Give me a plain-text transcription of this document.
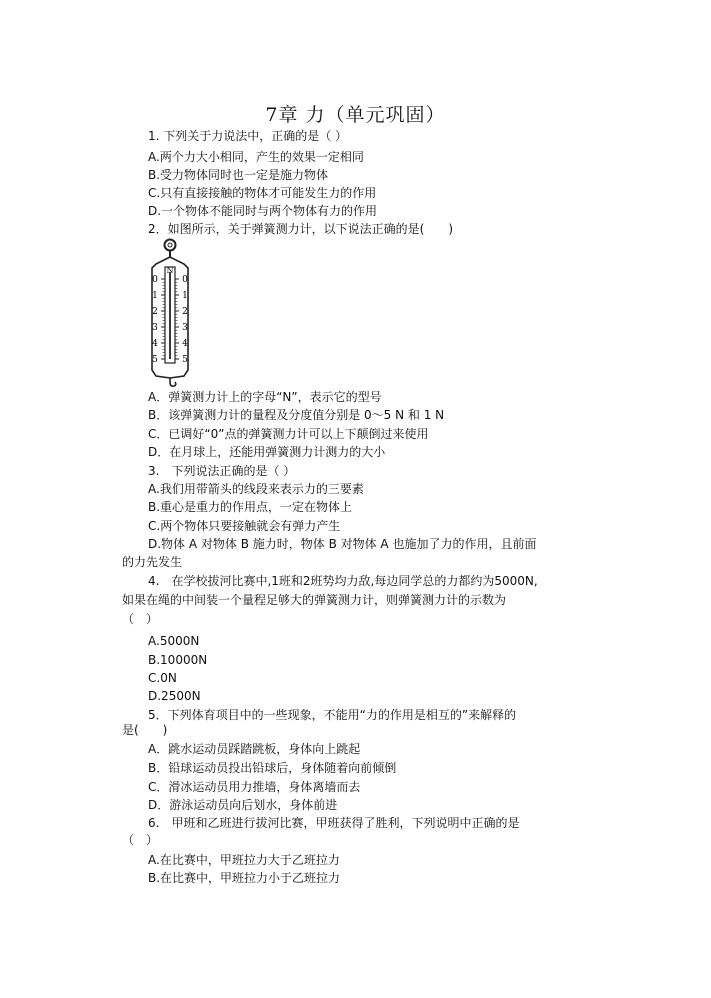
7章 力（单元巩固）
1. 下列关于力说法中，正确的是（ ）
A.两个力大小相同，产生的效果一定相同
B.受力物体同时也一定是施力物体
C.只有直接接触的物体才可能发生力的作用
D.一个物体不能同时与两个物体有力的作用
2．如图所示，关于弹簧测力计，以下说法正确的是(　　)
N
0
1
2
3
4
5
0
1
2
3
4
5
A．弹簧测力计上的字母“N”，表示它的型号
B．该弹簧测力计的量程及分度值分别是 0～5 N 和 1 N
C．已调好“0”点的弹簧测力计可以上下颠倒过来使用
D．在月球上，还能用弹簧测力计测力的大小
3.　下列说法正确的是（ ）
A.我们用带箭头的线段来表示力的三要素
B.重心是重力的作用点，一定在物体上
C.两个物体只要接触就会有弹力产生
D.物体 A 对物体 B 施力时，物体 B 对物体 A 也施加了力的作用，且前面
的力先发生
4.　在学校拔河比赛中,1班和2班势均力敌,每边同学总的力都约为5000N,
如果在绳的中间装一个量程足够大的弹簧测力计，则弹簧测力计的示数为
（　）
A.5000N
B.10000N
C.0N
D.2500N
5．下列体育项目中的一些现象，不能用“力的作用是相互的”来解释的
是(　　)
A．跳水运动员踩踏跳板，身体向上跳起
B．铅球运动员投出铅球后，身体随着向前倾倒
C．滑冰运动员用力推墙，身体离墙而去
D．游泳运动员向后划水，身体前进
6.　甲班和乙班进行拔河比赛，甲班获得了胜利，下列说明中正确的是
（　）
A.在比赛中，甲班拉力大于乙班拉力
B.在比赛中，甲班拉力小于乙班拉力
